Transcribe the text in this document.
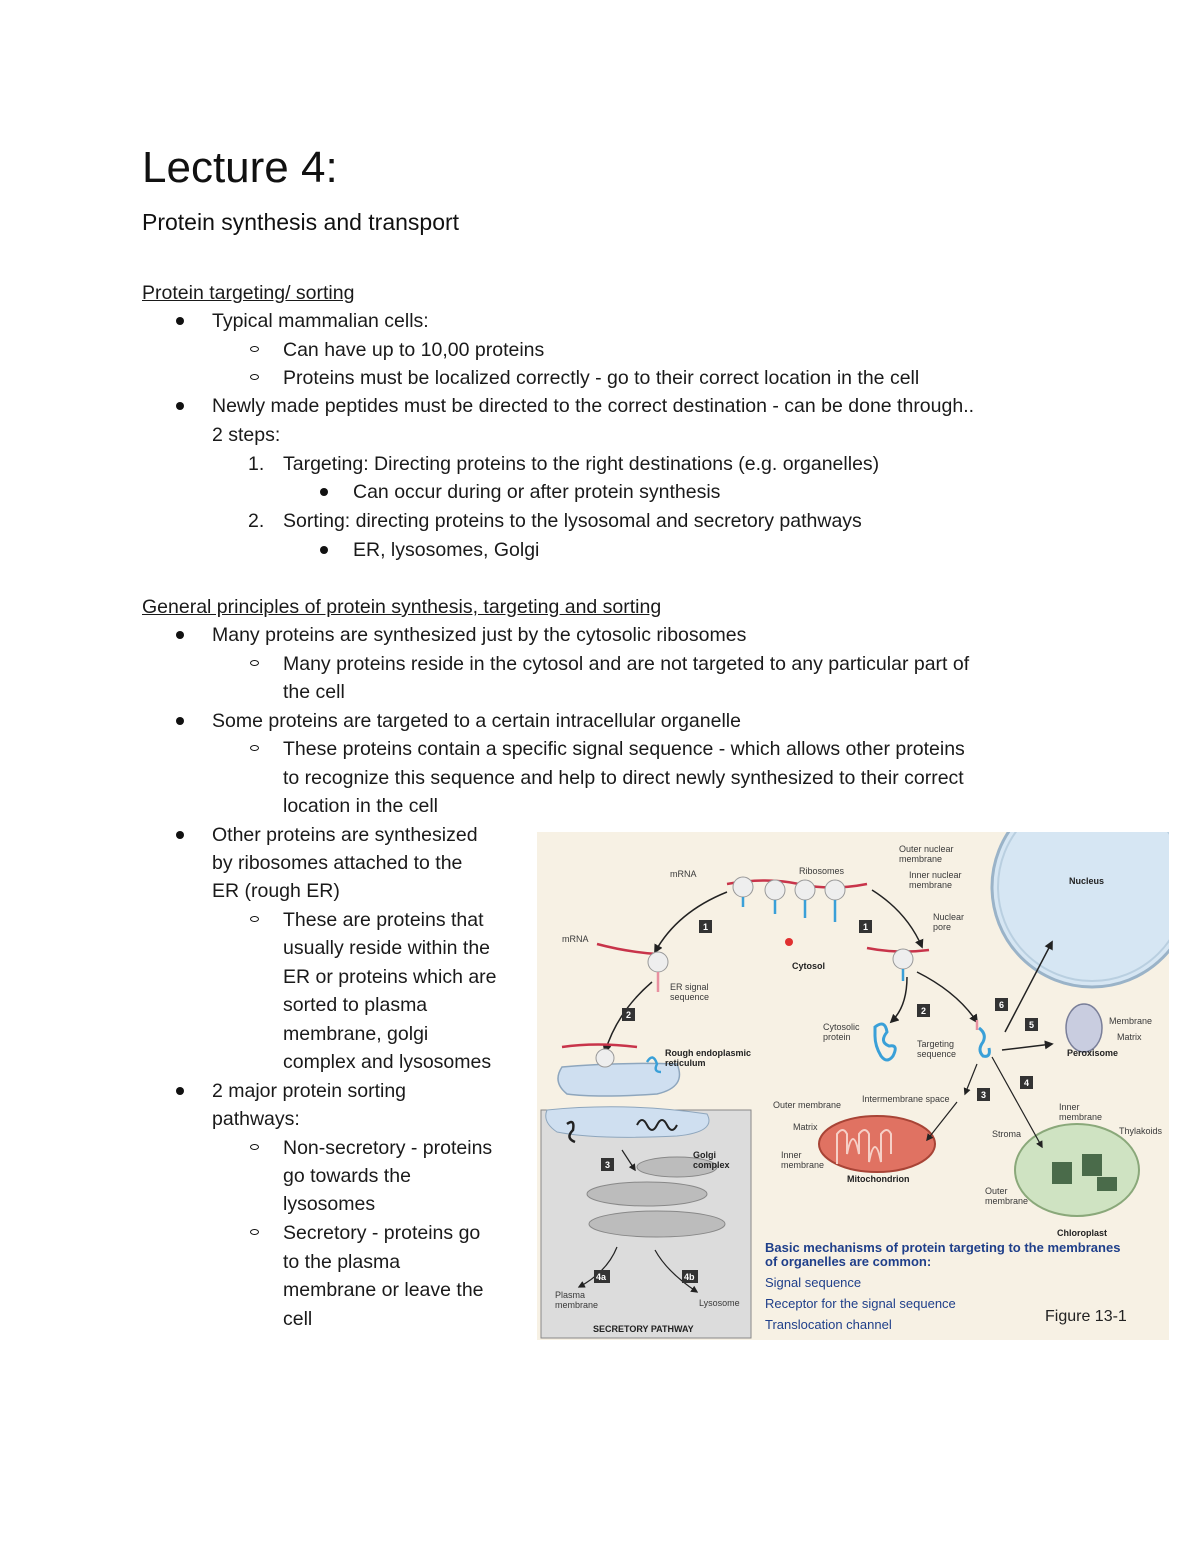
Lecture 4:
Protein synthesis and transport
Protein targeting/ sorting
Typical mammalian cells:
Can have up to 10,00 proteins
Proteins must be localized correctly - go to their correct location in the cell
Newly made peptides must be directed to the correct destination - can be done through..
2 steps:
1. Targeting: Directing proteins to the right destinations (e.g. organelles)
Can occur during or after protein synthesis
2. Sorting: directing proteins to the lysosomal and secretory pathways
ER, lysosomes, Golgi
General principles of protein synthesis, targeting and sorting
Many proteins are synthesized just by the cytosolic ribosomes
Many proteins reside in the cytosol and are not targeted to any particular part of
the cell
Some proteins are targeted to a certain intracellular organelle
These proteins contain a specific signal sequence - which allows other proteins
to recognize this sequence and help to direct newly synthesized to their correct
location in the cell
Other proteins are synthesized
by ribosomes attached to the
ER (rough ER)
These are proteins that
usually reside within the
ER or proteins which are
sorted to plasma
membrane, golgi
complex and lysosomes
2 major protein sorting
pathways:
Non-secretory - proteins
go towards the
lysosomes
Secretory - proteins go
to the plasma
membrane or leave the
cell
Nucleus
Outer nuclear
membrane
Inner nuclear
membrane
Nuclear
pore
mRNA	Ribosomes
Cytosol
mRNA
ER signal
sequence
Cytosolic
protein
Targeting
sequence
Membrane
Matrix
Peroxisome
Rough endoplasmic
reticulum
Golgi
complex
Plasma
membrane	Lysosome
SECRETORY PATHWAY
Outer membrane
Intermembrane space
Matrix
Inner
membrane
Mitochondrion
Inner
membrane
Thylakoids
Stroma
Outer
membrane
Chloroplast
1	1
2	2
3
3
4
4a	4b
5
6
Basic mechanisms of protein targeting to the membranes
of organelles are common:
Signal sequence
Receptor for the signal sequence
Translocation channel	Figure 13-1
